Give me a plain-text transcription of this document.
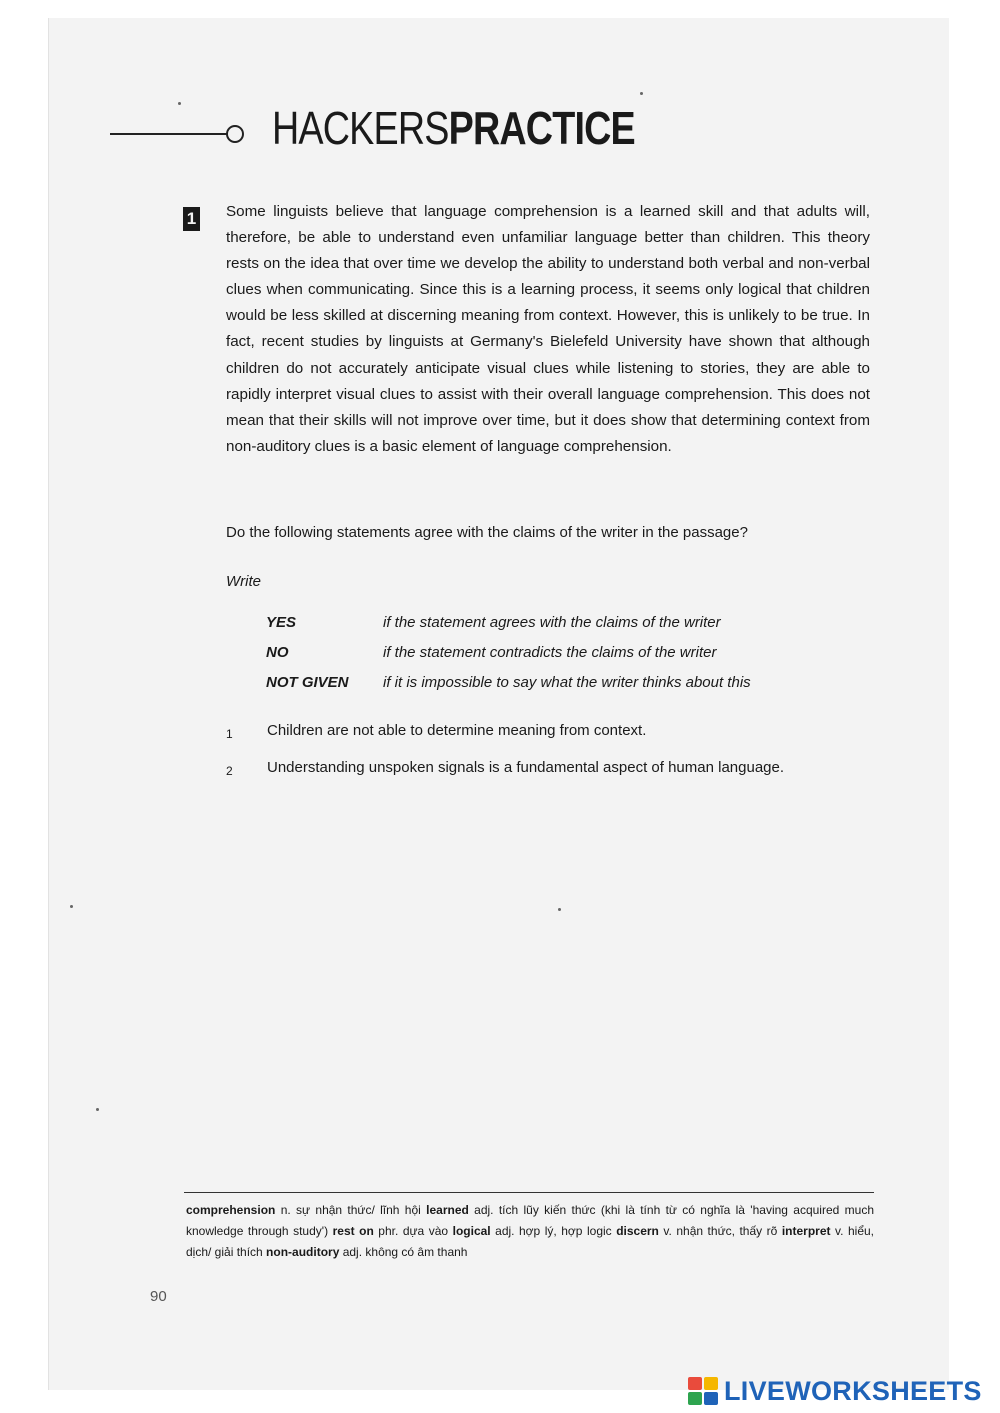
HACKERSPRACTICE
1 Some linguists believe that language comprehension is a learned skill and that adults will, therefore, be able to understand even unfamiliar language better than children. This theory rests on the idea that over time we develop the ability to understand both verbal and non-verbal clues when communicating. Since this is a learning process, it seems only logical that children would be less skilled at discerning meaning from context. However, this is unlikely to be true. In fact, recent studies by linguists at Germany's Bielefeld University have shown that although children do not accurately anticipate visual clues while listening to stories, they are able to rapidly interpret visual clues to assist with their overall language comprehension. This does not mean that their skills will not improve over time, but it does show that determining context from non-auditory clues is a basic element of language comprehension.

Do the following statements agree with the claims of the writer in the passage?
Write
YES	if the statement agrees with the claims of the writer
NO	if the statement contradicts the claims of the writer
NOT GIVEN	if it is impossible to say what the writer thinks about this
1 Children are not able to determine meaning from context.
2 Understanding unspoken signals is a fundamental aspect of human language.

comprehension n. sự nhận thức/ lĩnh hội learned adj. tích lũy kiến thức (khi là tính từ có nghĩa là 'having acquired much knowledge through study') rest on phr. dựa vào logical adj. hợp lý, hợp logic discern v. nhận thức, thấy rõ interpret v. hiểu, dịch/ giải thích non-auditory adj. không có âm thanh

90
LIVEWORKSHEETS
